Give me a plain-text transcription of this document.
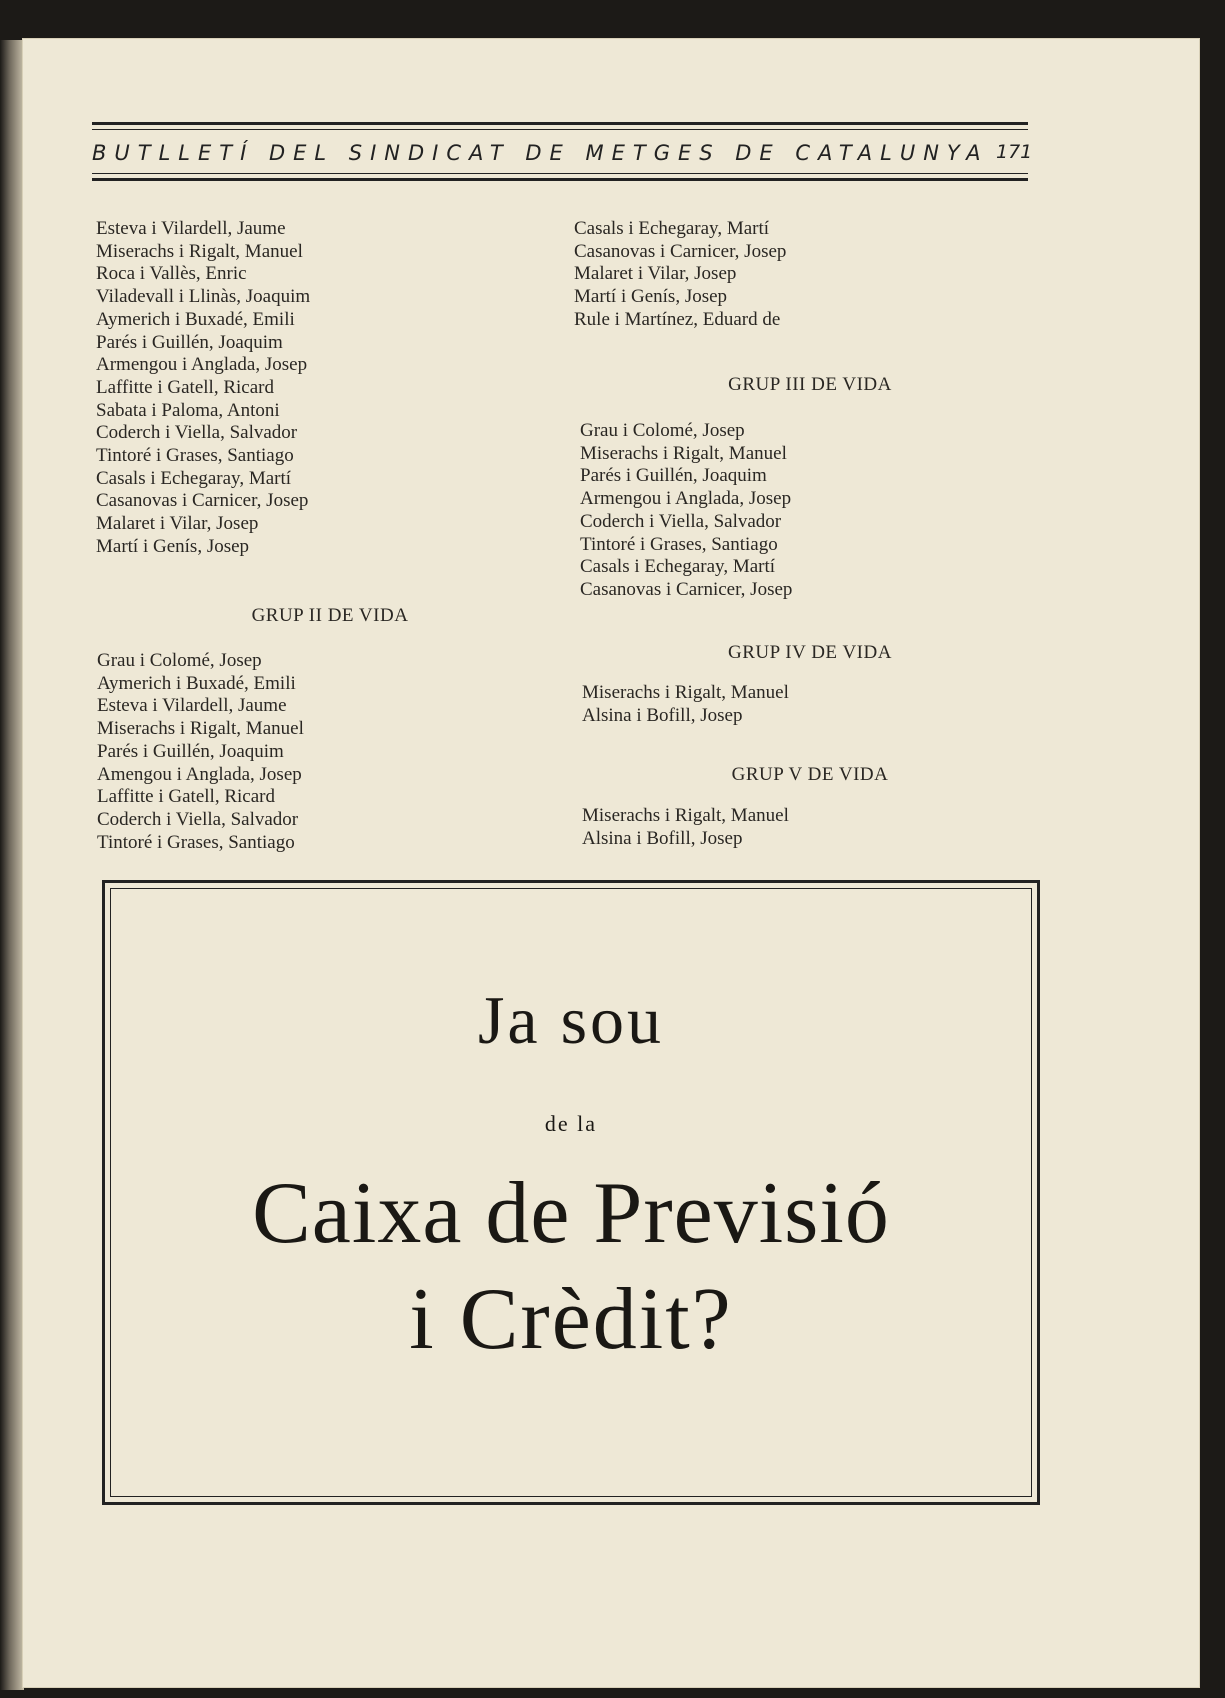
BUTLLETÍ DEL SINDICAT DE METGES DE CATALUNYA 171
Esteva i Vilardell, Jaume
Miserachs i Rigalt, Manuel
Roca i Vallès, Enric
Viladevall i Llinàs, Joaquim
Aymerich i Buxadé, Emili
Parés i Guillén, Joaquim
Armengou i Anglada, Josep
Laffitte i Gatell, Ricard
Sabata i Paloma, Antoni
Coderch i Viella, Salvador
Tintoré i Grases, Santiago
Casals i Echegaray, Martí
Casanovas i Carnicer, Josep
Malaret i Vilar, Josep
Martí i Genís, Josep
GRUP II DE VIDA
Grau i Colomé, Josep
Aymerich i Buxadé, Emili
Esteva i Vilardell, Jaume
Miserachs i Rigalt, Manuel
Parés i Guillén, Joaquim
Amengou i Anglada, Josep
Laffitte i Gatell, Ricard
Coderch i Viella, Salvador
Tintoré i Grases, Santiago
Casals i Echegaray, Martí
Casanovas i Carnicer, Josep
Malaret i Vilar, Josep
Martí i Genís, Josep
Rule i Martínez, Eduard de
GRUP III DE VIDA
Grau i Colomé, Josep
Miserachs i Rigalt, Manuel
Parés i Guillén, Joaquim
Armengou i Anglada, Josep
Coderch i Viella, Salvador
Tintoré i Grases, Santiago
Casals i Echegaray, Martí
Casanovas i Carnicer, Josep
GRUP IV DE VIDA
Miserachs i Rigalt, Manuel
Alsina i Bofill, Josep
GRUP V DE VIDA
Miserachs i Rigalt, Manuel
Alsina i Bofill, Josep
Ja sou
de la
Caixa de Previsió
i Crèdit?
